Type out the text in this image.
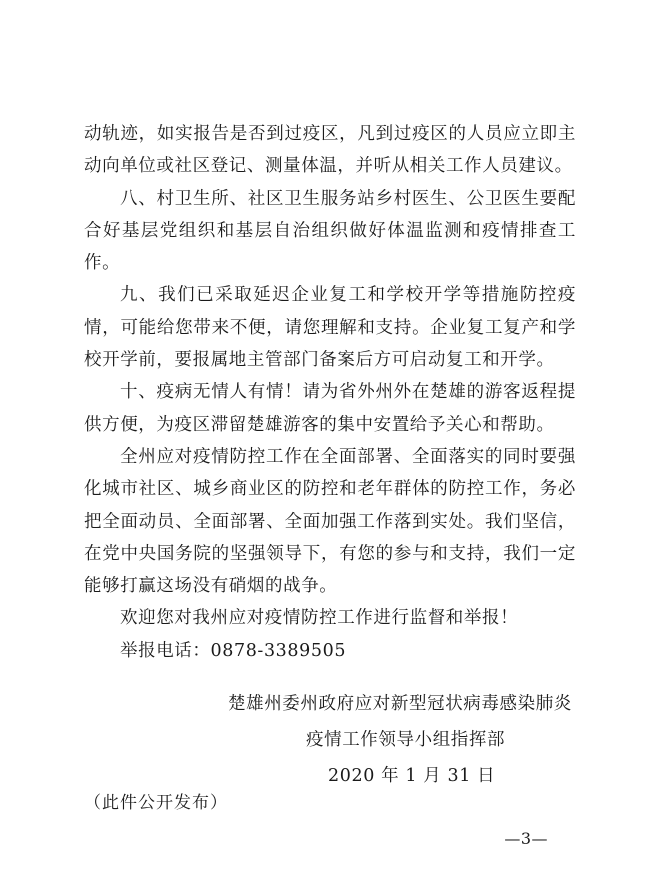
动轨迹，如实报告是否到过疫区，凡到过疫区的人员应立即主动向单位或社区登记、测量体温，并听从相关工作人员建议。

八、村卫生所、社区卫生服务站乡村医生、公卫医生要配合好基层党组织和基层自治组织做好体温监测和疫情排查工作。

九、我们已采取延迟企业复工和学校开学等措施防控疫情，可能给您带来不便，请您理解和支持。企业复工复产和学校开学前，要报属地主管部门备案后方可启动复工和开学。

十、疫病无情人有情！请为省外州外在楚雄的游客返程提供方便，为疫区滞留楚雄游客的集中安置给予关心和帮助。

全州应对疫情防控工作在全面部署、全面落实的同时要强化城市社区、城乡商业区的防控和老年群体的防控工作，务必把全面动员、全面部署、全面加强工作落到实处。我们坚信，在党中央国务院的坚强领导下，有您的参与和支持，我们一定能够打赢这场没有硝烟的战争。

欢迎您对我州应对疫情防控工作进行监督和举报！

举报电话：0878-3389505

楚雄州委州政府应对新型冠状病毒感染肺炎

疫情工作领导小组指挥部

2020 年 1 月 31 日

（此件公开发布）

—3—
